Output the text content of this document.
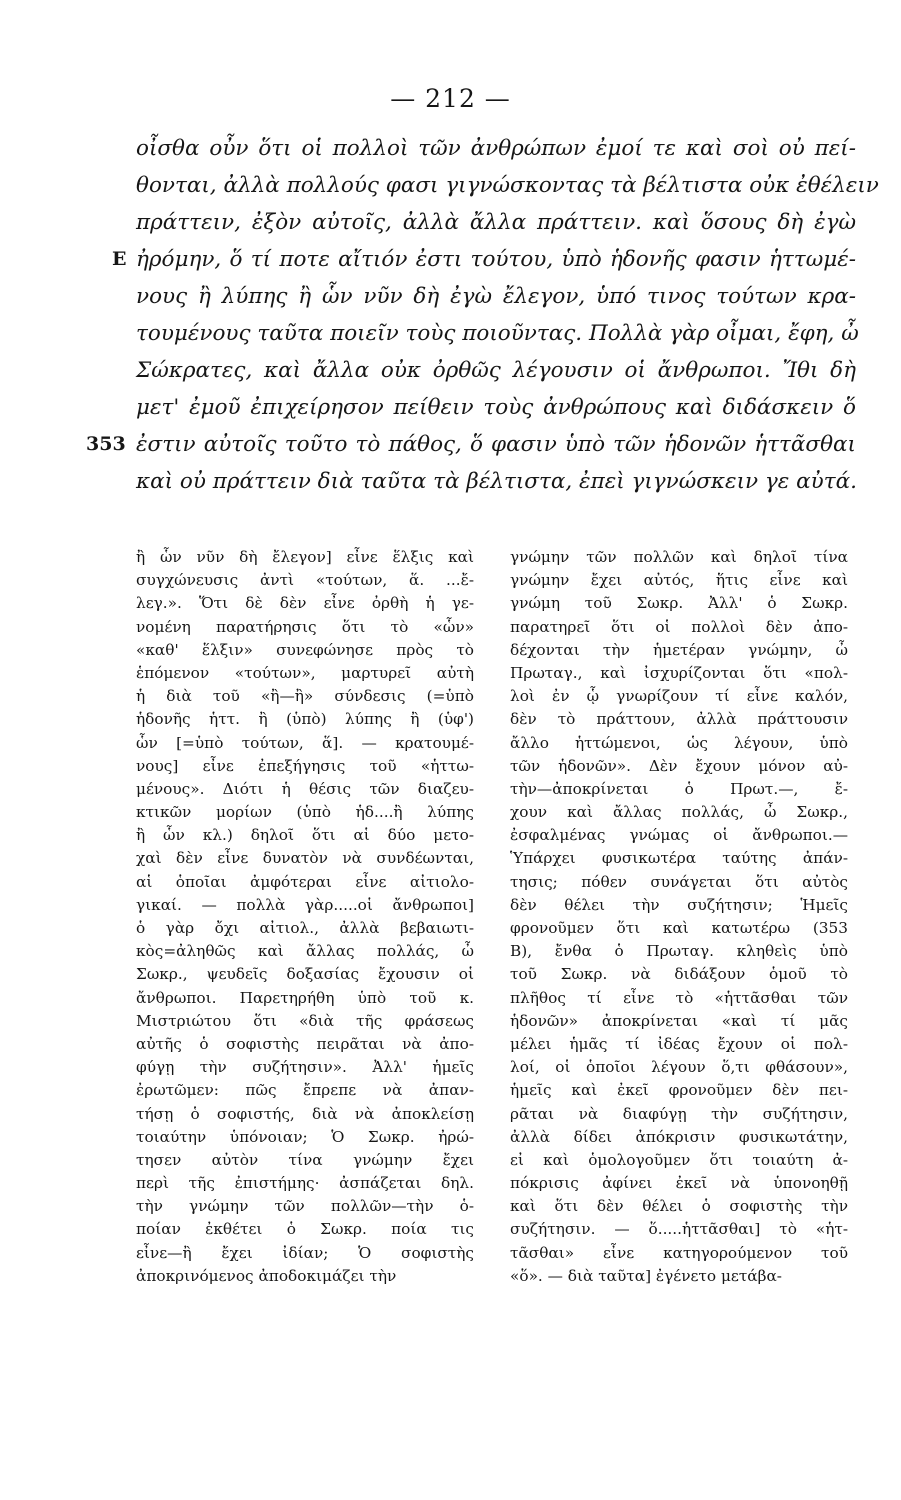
— 212 —
οἶσθα οὖν ὅτι οἱ πολλοὶ τῶν ἀνθρώπων ἐμοί τε καὶ σοὶ οὐ πεί-
θονται, ἀλλὰ πολλούς φασι γιγνώσκοντας τὰ βέλτιστα οὐκ ἐθέλειν
πράττειν, ἐξὸν αὐτοῖς, ἀλλὰ ἄλλα πράττειν. καὶ ὅσους δὴ ἐγὼ
E ἠρόμην, ὅ τί ποτε αἴτιόν ἐστι τούτου, ὑπὸ ἡδονῆς φασιν ἡττωμέ-
νους ἢ λύπης ἢ ὧν νῦν δὴ ἐγὼ ἔλεγον, ὑπό τινος τούτων κρα-
τουμένους ταῦτα ποιεῖν τοὺς ποιοῦντας. Πολλὰ γὰρ οἶμαι, ἔφη, ὦ
Σώκρατες, καὶ ἄλλα οὐκ ὀρθῶς λέγουσιν οἱ ἄνθρωποι. Ἴθι δὴ
μετ' ἐμοῦ ἐπιχείρησον πείθειν τοὺς ἀνθρώπους καὶ διδάσκειν ὅ
353 ἐστιν αὐτοῖς τοῦτο τὸ πάθος, ὅ φασιν ὑπὸ τῶν ἡδονῶν ἡττᾶσθαι
καὶ οὐ πράττειν διὰ ταῦτα τὰ βέλτιστα, ἐπεὶ γιγνώσκειν γε αὐτά.
ἢ ὧν νῦν δὴ ἔλεγον] εἶνε ἕλξις καὶ
συγχώνευσις ἀντὶ «τούτων, ἅ. ...ἔ-
λεγ.». Ὅτι δὲ δὲν εἶνε ὀρθὴ ἡ γε-
νομένη παρατήρησις ὅτι τὸ «ὧν»
«καθ' ἕλξιν» συνεφώνησε πρὸς τὸ
ἑπόμενον «τούτων», μαρτυρεῖ αὐτὴ
ἡ διὰ τοῦ «ἢ—ἢ» σύνδεσις (=ὑπὸ
ἡδονῆς ἡττ. ἢ (ὑπὸ) λύπης ἢ (ὑφ')
ὧν [=ὑπὸ τούτων, ἅ]. — κρατουμέ-
νους] εἶνε ἐπεξήγησις τοῦ «ἡττω-
μένους». Διότι ἡ θέσις τῶν διαζευ-
κτικῶν μορίων (ὑπὸ ἡδ....ἢ λύπης
ἢ ὧν κλ.) δηλοῖ ὅτι αἱ δύο μετο-
χαὶ δὲν εἶνε δυνατὸν νὰ συνδέωνται,
αἱ ὁποῖαι ἀμφότεραι εἶνε αἰτιολο-
γικαί. — πολλὰ γὰρ.....οἱ ἄνθρωποι]
ὁ γὰρ ὄχι αἰτιολ., ἀλλὰ βεβαιωτι-
κὸς=ἀληθῶς καὶ ἄλλας πολλάς, ὦ
Σωκρ., ψευδεῖς δοξασίας ἔχουσιν οἱ
ἄνθρωποι. Παρετηρήθη ὑπὸ τοῦ κ.
Μιστριώτου ὅτι «διὰ τῆς φράσεως
αὐτῆς ὁ σοφιστὴς πειρᾶται νὰ ἀπο-
φύγῃ τὴν συζήτησιν». Ἀλλ' ἡμεῖς
ἐρωτῶμεν: πῶς ἔπρεπε νὰ ἀπαν-
τήσῃ ὁ σοφιστής, διὰ νὰ ἀποκλείσῃ
τοιαύτην ὑπόνοιαν; Ὁ Σωκρ. ἠρώ-
τησεν αὐτὸν τίνα γνώμην ἔχει
περὶ τῆς ἐπιστήμης· ἀσπάζεται δηλ.
τὴν γνώμην τῶν πολλῶν—τὴν ὁ-
ποίαν ἐκθέτει ὁ Σωκρ. ποία τις
εἶνε—ἢ ἔχει ἰδίαν; Ὁ σοφιστὴς
ἀποκρινόμενος ἀποδοκιμάζει τὴν
γνώμην τῶν πολλῶν καὶ δηλοῖ τίνα
γνώμην ἔχει αὐτός, ἥτις εἶνε καὶ
γνώμη τοῦ Σωκρ. Ἀλλ' ὁ Σωκρ.
παρατηρεῖ ὅτι οἱ πολλοὶ δὲν ἀπο-
δέχονται τὴν ἡμετέραν γνώμην, ὦ
Πρωταγ., καὶ ἰσχυρίζονται ὅτι «πολ-
λοὶ ἐν ᾧ γνωρίζουν τί εἶνε καλόν,
δὲν τὸ πράττουν, ἀλλὰ πράττουσιν
ἄλλο ἡττώμενοι, ὡς λέγουν, ὑπὸ
τῶν ἡδονῶν». Δὲν ἔχουν μόνον αὐ-
τὴν—ἀποκρίνεται ὁ Πρωτ.—, ἔ-
χουν καὶ ἄλλας πολλάς, ὦ Σωκρ.,
ἐσφαλμένας γνώμας οἱ ἄνθρωποι.—
Ὑπάρχει φυσικωτέρα ταύτης ἀπάν-
τησις; πόθεν συνάγεται ὅτι αὐτὸς
δὲν θέλει τὴν συζήτησιν; Ἡμεῖς
φρονοῦμεν ὅτι καὶ κατωτέρω (353
B), ἔνθα ὁ Πρωταγ. κληθεὶς ὑπὸ
τοῦ Σωκρ. νὰ διδάξουν ὁμοῦ τὸ
πλῆθος τί εἶνε τὸ «ἡττᾶσθαι τῶν
ἡδονῶν» ἀποκρίνεται «καὶ τί μᾶς
μέλει ἡμᾶς τί ἰδέας ἔχουν οἱ πολ-
λοί, οἱ ὁποῖοι λέγουν ὅ,τι φθάσουν»,
ἡμεῖς καὶ ἐκεῖ φρονοῦμεν δὲν πει-
ρᾶται νὰ διαφύγῃ τὴν συζήτησιν,
ἀλλὰ δίδει ἀπόκρισιν φυσικωτάτην,
εἰ καὶ ὁμολογοῦμεν ὅτι τοιαύτη ἀ-
πόκρισις ἀφίνει ἐκεῖ νὰ ὑπονοηθῇ
καὶ ὅτι δὲν θέλει ὁ σοφιστὴς τὴν
συζήτησιν. — ὅ.....ἡττᾶσθαι] τὸ «ἡτ-
τᾶσθαι» εἶνε κατηγορούμενον τοῦ
«ὅ». — διὰ ταῦτα] ἐγένετο μετάβα-
